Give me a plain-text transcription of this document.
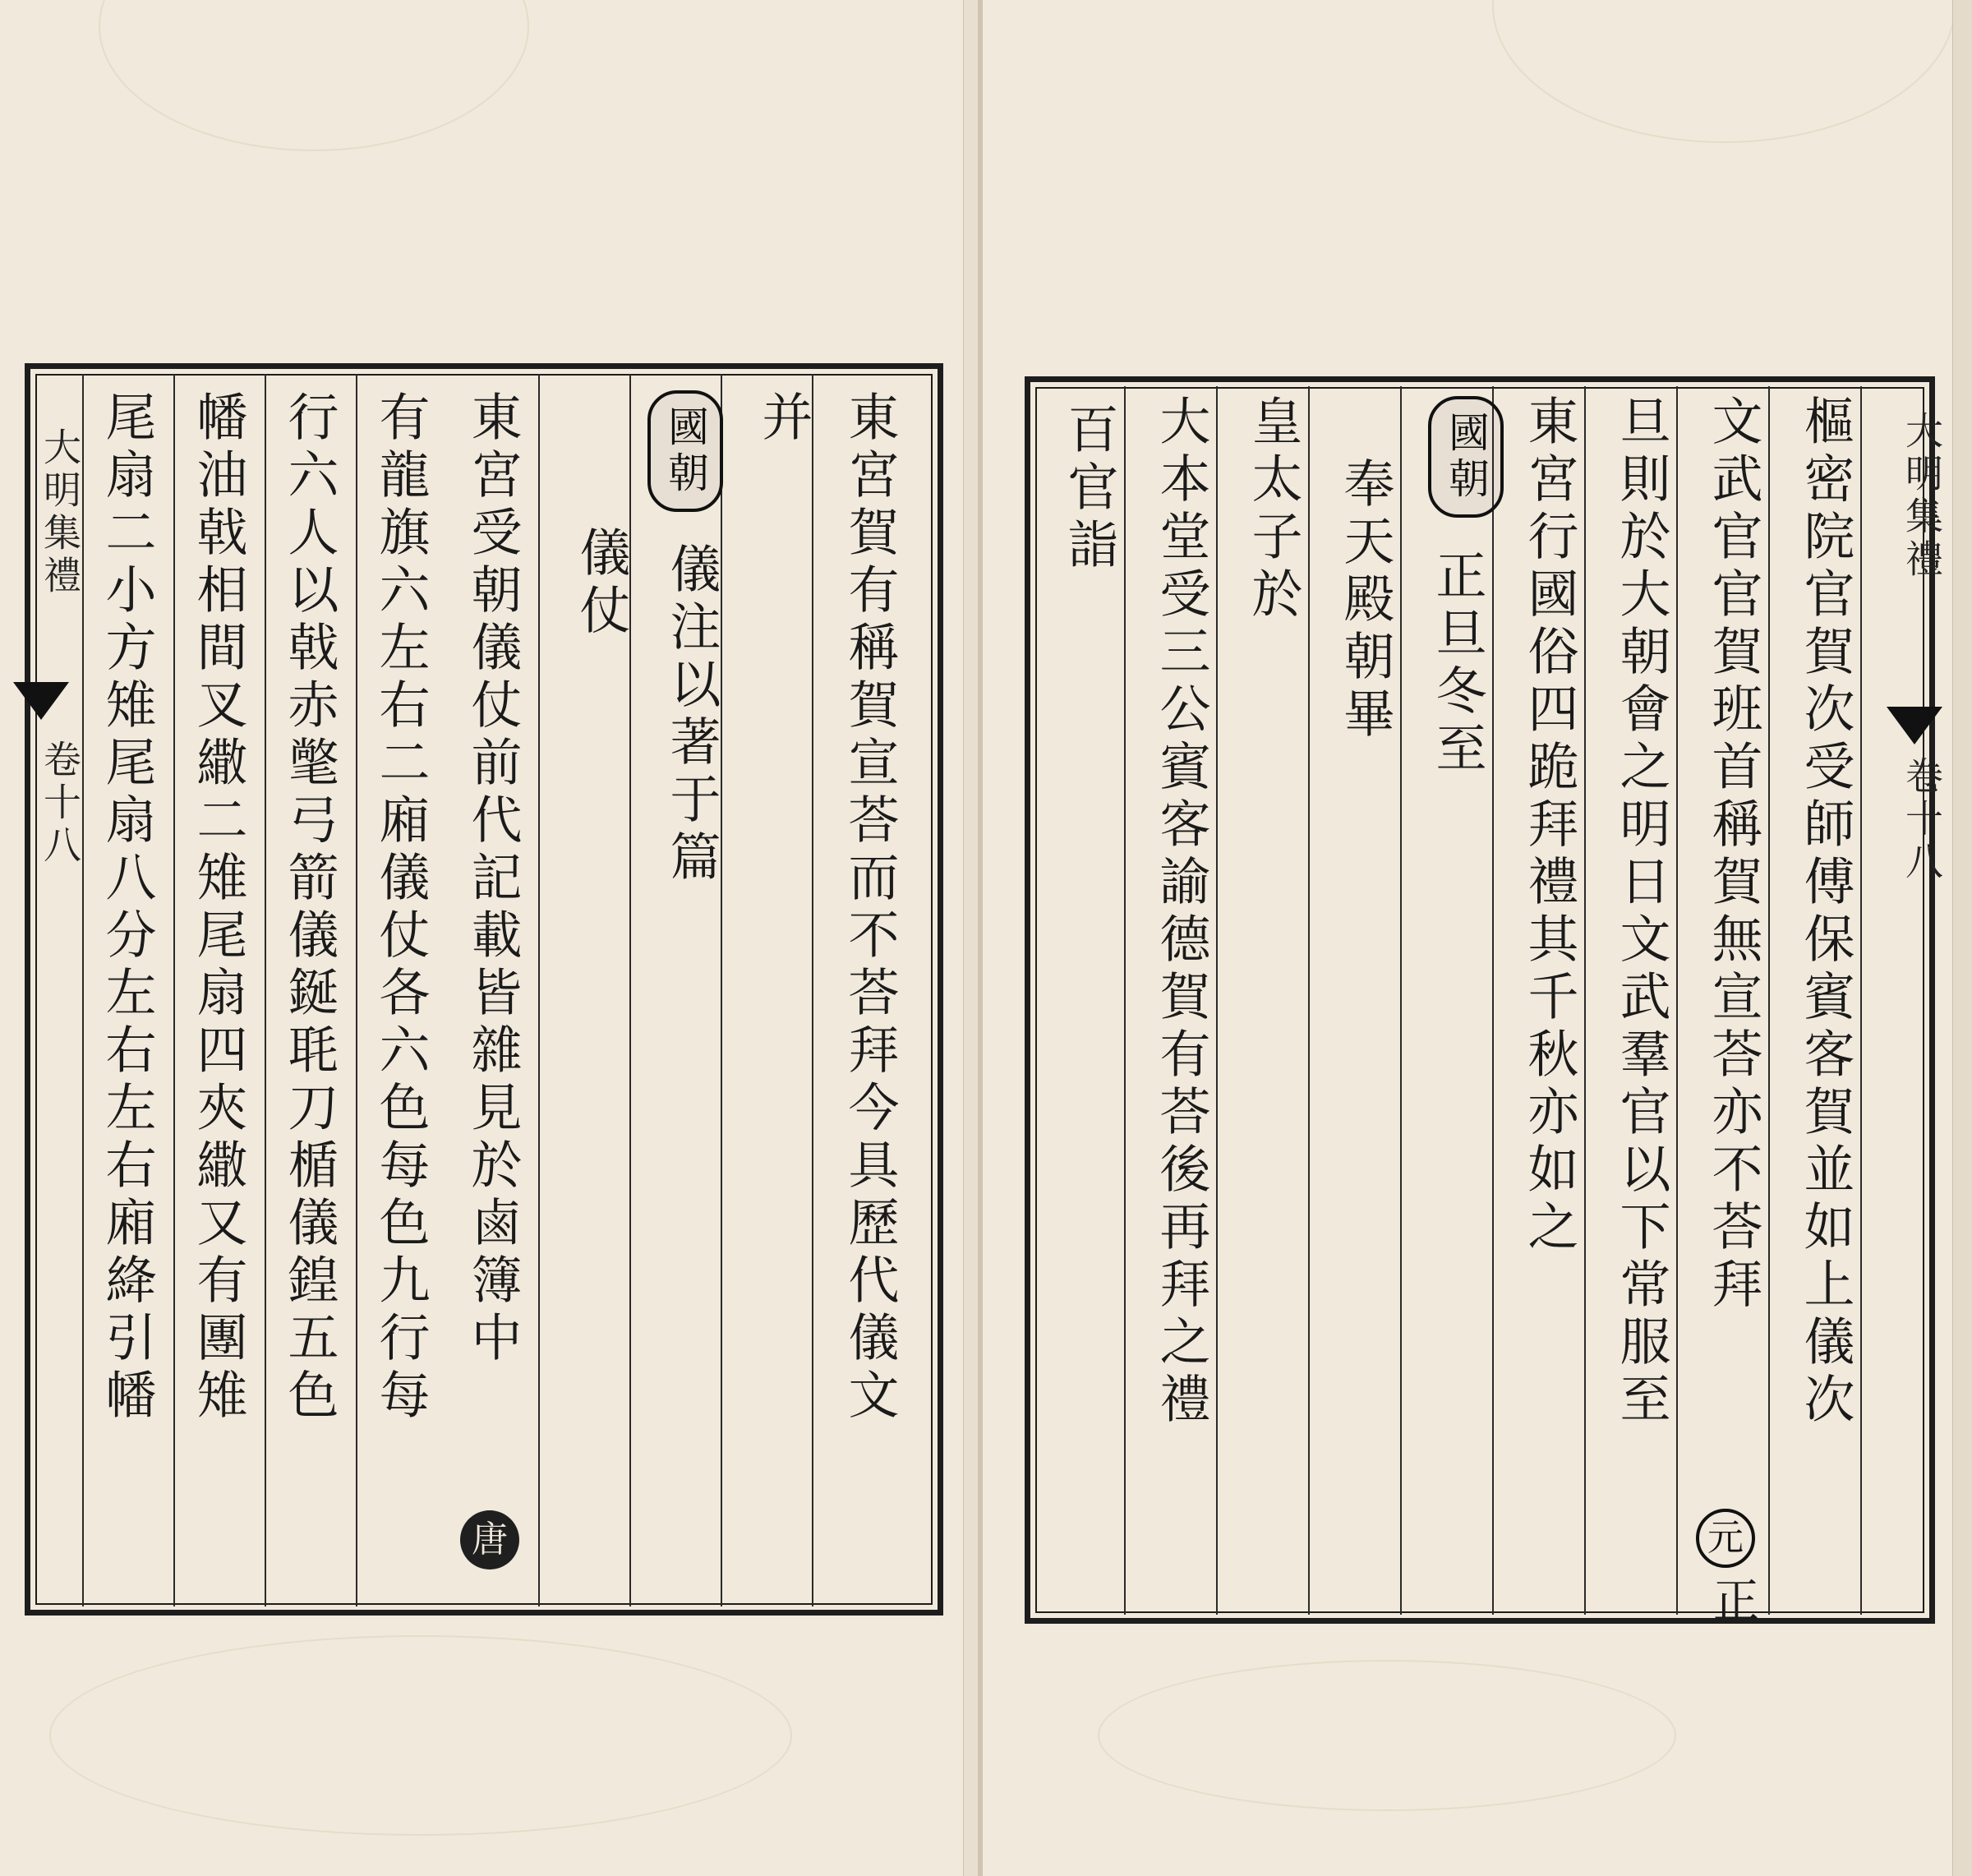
東宮賀有稱賀宣荅而不荅拜今具歷代儀文
并
國朝
儀注以著于篇
儀仗
東宮受朝儀仗前代記載皆雜見於鹵簿中
唐
有龍旗六左右二廂儀仗各六色每色九行每
行六人以戟赤氅弓箭儀鋋毦刀楯儀鍠五色
幡油戟相間叉繖二雉尾扇四夾繖又有團雉
尾扇二小方雉尾扇八分左右左右廂絳引幡
大明集禮
卷十八	樞密院官賀次受師傅保賓客賀並如上儀次
文武官官賀班首稱賀無宣荅亦不荅拜
元
正
旦則於大朝會之明日文武羣官以下常服至
東宮行國俗四跪拜禮其千秋亦如之
國朝
正旦冬至
奉天殿朝畢
皇太子於
大本堂受三公賓客諭德賀有荅後再拜之禮
百官詣	大明集禮
卷十八
